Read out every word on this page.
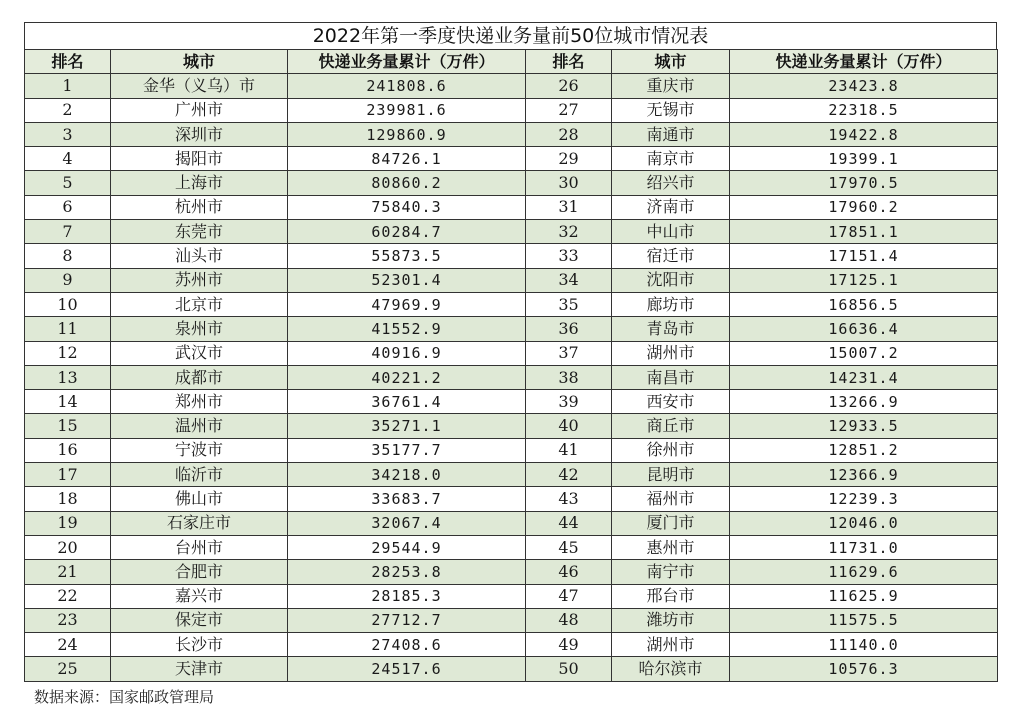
2022年第一季度快递业务量前50位城市情况表
排名	城市	快递业务量累计（万件）	排名	城市	快递业务量累计（万件）
1	金华（义乌）市	241808.6	26	重庆市	23423.8
2	广州市	239981.6	27	无锡市	22318.5
3	深圳市	129860.9	28	南通市	19422.8
4	揭阳市	84726.1	29	南京市	19399.1
5	上海市	80860.2	30	绍兴市	17970.5
6	杭州市	75840.3	31	济南市	17960.2
7	东莞市	60284.7	32	中山市	17851.1
8	汕头市	55873.5	33	宿迁市	17151.4
9	苏州市	52301.4	34	沈阳市	17125.1
10	北京市	47969.9	35	廊坊市	16856.5
11	泉州市	41552.9	36	青岛市	16636.4
12	武汉市	40916.9	37	湖州市	15007.2
13	成都市	40221.2	38	南昌市	14231.4
14	郑州市	36761.4	39	西安市	13266.9
15	温州市	35271.1	40	商丘市	12933.5
16	宁波市	35177.7	41	徐州市	12851.2
17	临沂市	34218.0	42	昆明市	12366.9
18	佛山市	33683.7	43	福州市	12239.3
19	石家庄市	32067.4	44	厦门市	12046.0
20	台州市	29544.9	45	惠州市	11731.0
21	合肥市	28253.8	46	南宁市	11629.6
22	嘉兴市	28185.3	47	邢台市	11625.9
23	保定市	27712.7	48	潍坊市	11575.5
24	长沙市	27408.6	49	湖州市	11140.0
25	天津市	24517.6	50	哈尔滨市	10576.3
数据来源：国家邮政管理局
